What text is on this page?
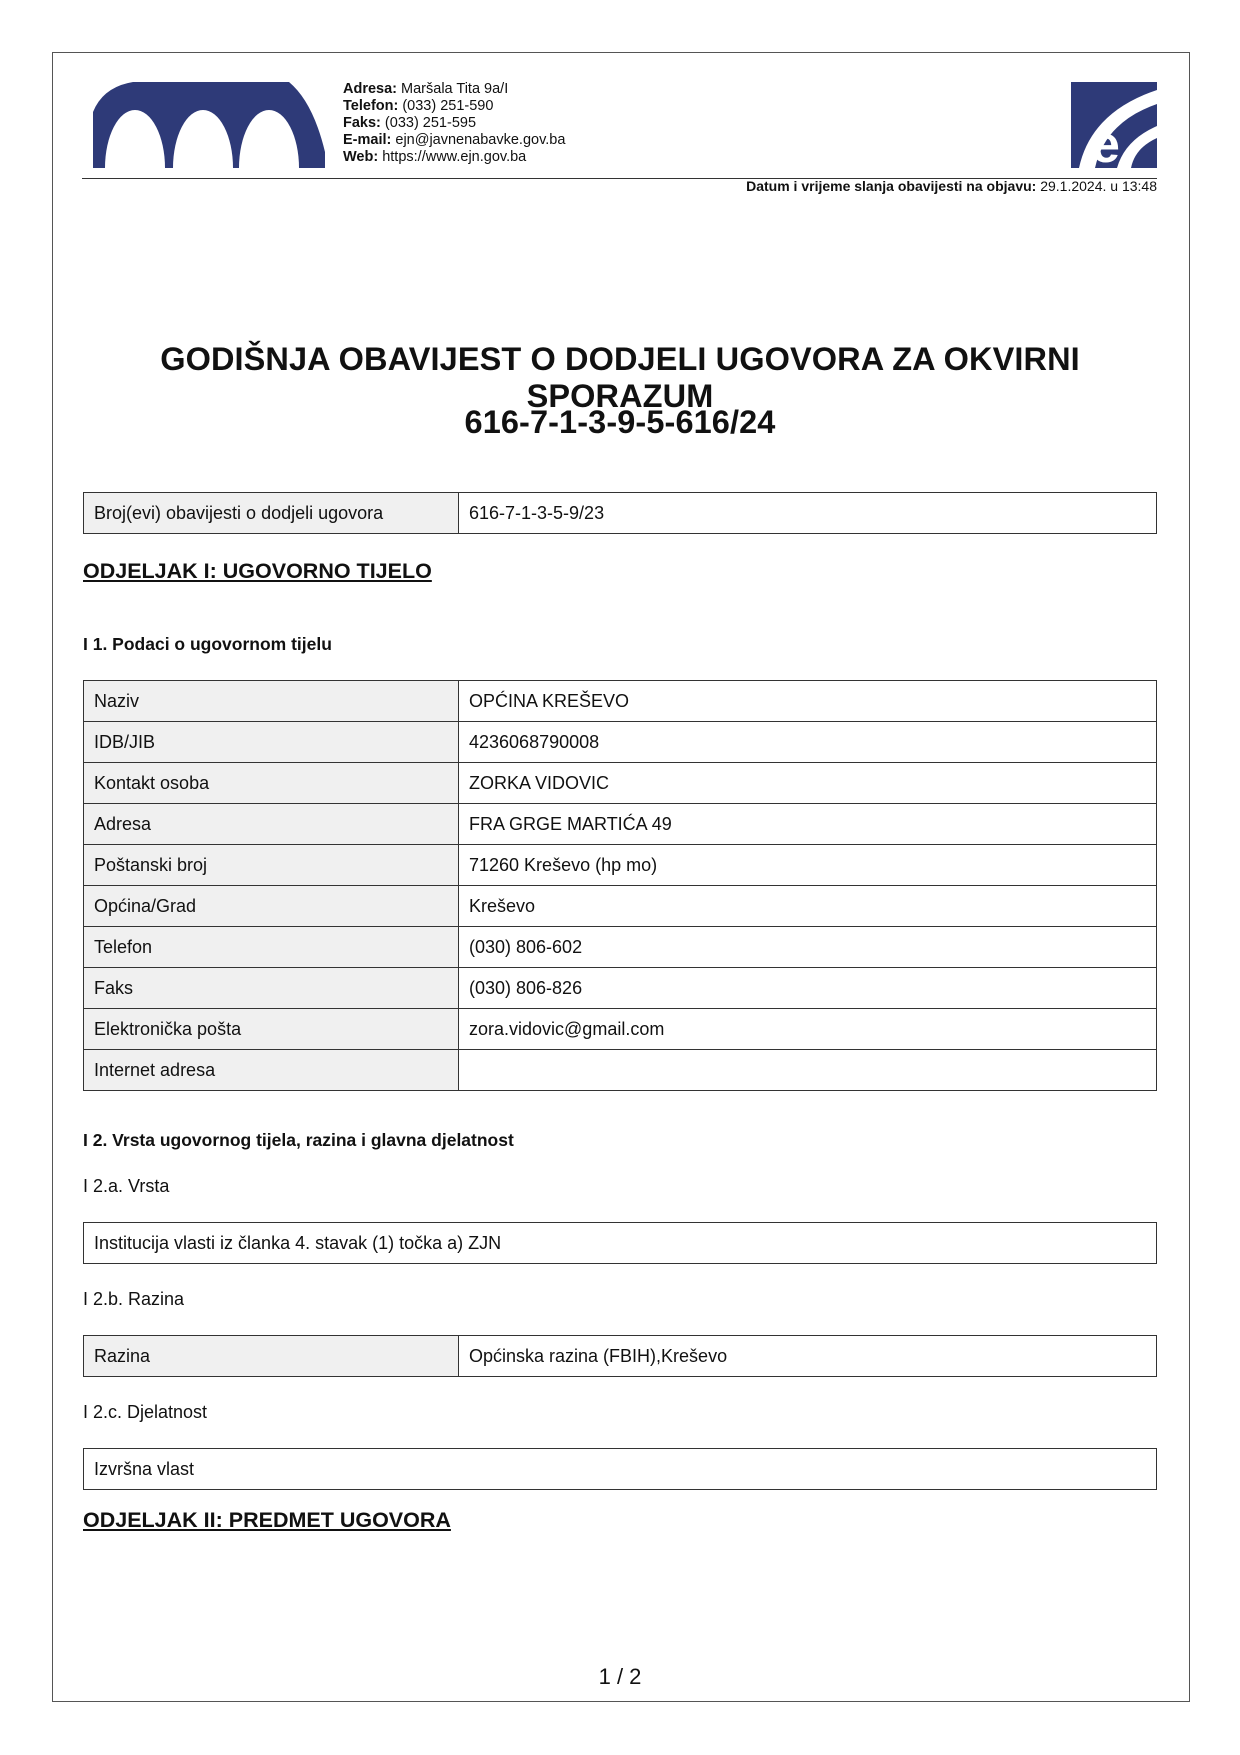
Adresa: Maršala Tita 9a/I
Telefon: (033) 251-590
Faks: (033) 251-595
E-mail: ejn@javnenabavke.gov.ba
Web: https://www.ejn.gov.ba	e
Datum i vrijeme slanja obavijesti na objavu: 29.1.2024. u 13:48
GODIŠNJA OBAVIJEST O DODJELI UGOVORA ZA OKVIRNI SPORAZUM
616-7-1-3-9-5-616/24
Broj(evi) obavijesti o dodjeli ugovora	616-7-1-3-5-9/23
ODJELJAK I: UGOVORNO TIJELO
I 1. Podaci o ugovornom tijelu
Naziv	OPĆINA KREŠEVO
IDB/JIB	4236068790008
Kontakt osoba	ZORKA VIDOVIC
Adresa	FRA GRGE MARTIĆA 49
Poštanski broj	71260 Kreševo (hp mo)
Općina/Grad	Kreševo
Telefon	(030) 806-602
Faks	(030) 806-826
Elektronička pošta	zora.vidovic@gmail.com
Internet adresa	
I 2. Vrsta ugovornog tijela, razina i glavna djelatnost
I 2.a. Vrsta
Institucija vlasti iz članka 4. stavak (1) točka a) ZJN
I 2.b. Razina
Razina	Općinska razina (FBIH),Kreševo
I 2.c. Djelatnost
Izvršna vlast
ODJELJAK II: PREDMET UGOVORA
1 / 2
